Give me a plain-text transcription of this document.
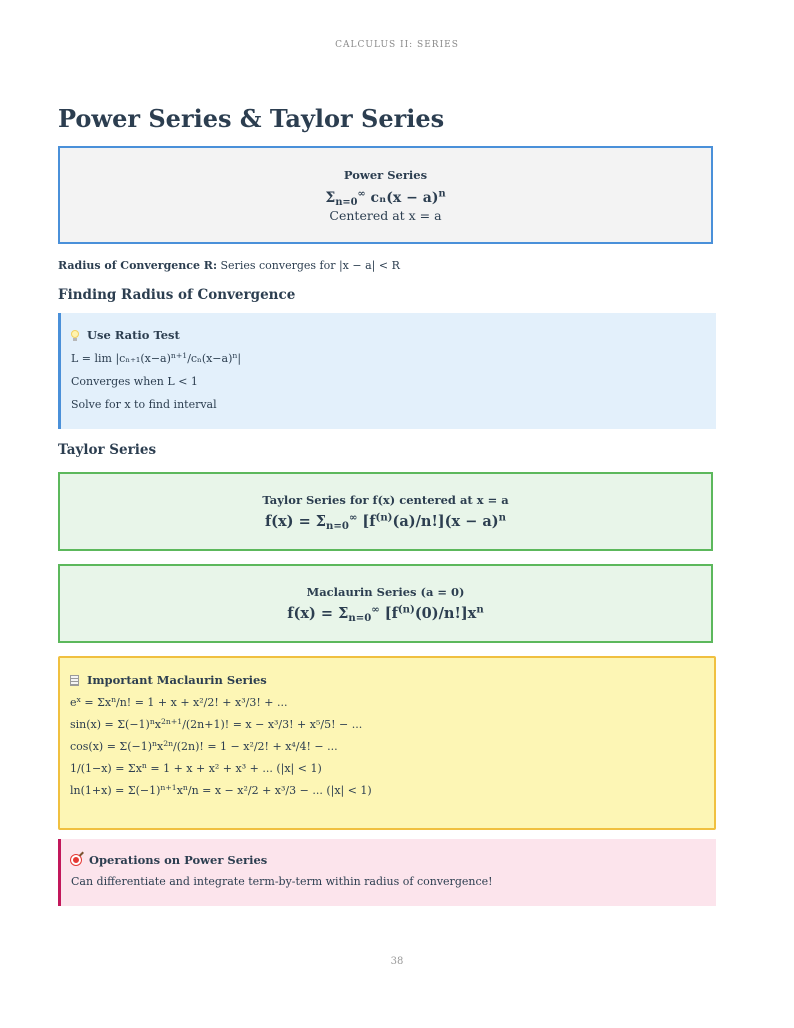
CALCULUS II: SERIES
Power Series & Taylor Series
Power Series
$\Sigma_{n=0}^\infty$ $c_n(x - a)^n$
Centered at x = a
Radius of Convergence R: Series converges for |x − a| < R
Finding Radius of Convergence
Use Ratio Test
$L = \lim |c_{n+1}(x-a)^{n+1}/c_n(x-a)^n|$
Converges when L < 1
Solve for x to find interval
Taylor Series
Taylor Series for f(x) centered at x = a
$f(x) = \Sigma_{n=0}^\infty$ $[f^{(n)}(a)/n!](x - a)^n$
Maclaurin Series (a = 0)
$f(x) = \Sigma_{n=0}^\infty$ $[f^{(n)}(0)/n!]x^n$
Important Maclaurin Series
$e^x = \Sigma x^n/n$! = 1 + x + x²/2! + x³/3! + ...
$\sin(x) = \Sigma(-1)^nx^{2n+1}/(2n+1)$! = x − x³/3! + x⁵/5! − ...
$\cos(x) = \Sigma(-1)^nx^{2n}/(2n)$! = 1 − x²/2! + x⁴/4! − ...
$1/(1-x) = \Sigma x^n = 1 + x + x^2 + x^3$ + ... (|x| < 1)
$\ln(1+x) = \Sigma(-1)^{n+1}x^n/n = x - x^2/2 + x^3/3$ − ... (|x| < 1)
Operations on Power Series
Can differentiate and integrate term-by-term within radius of convergence!
38
